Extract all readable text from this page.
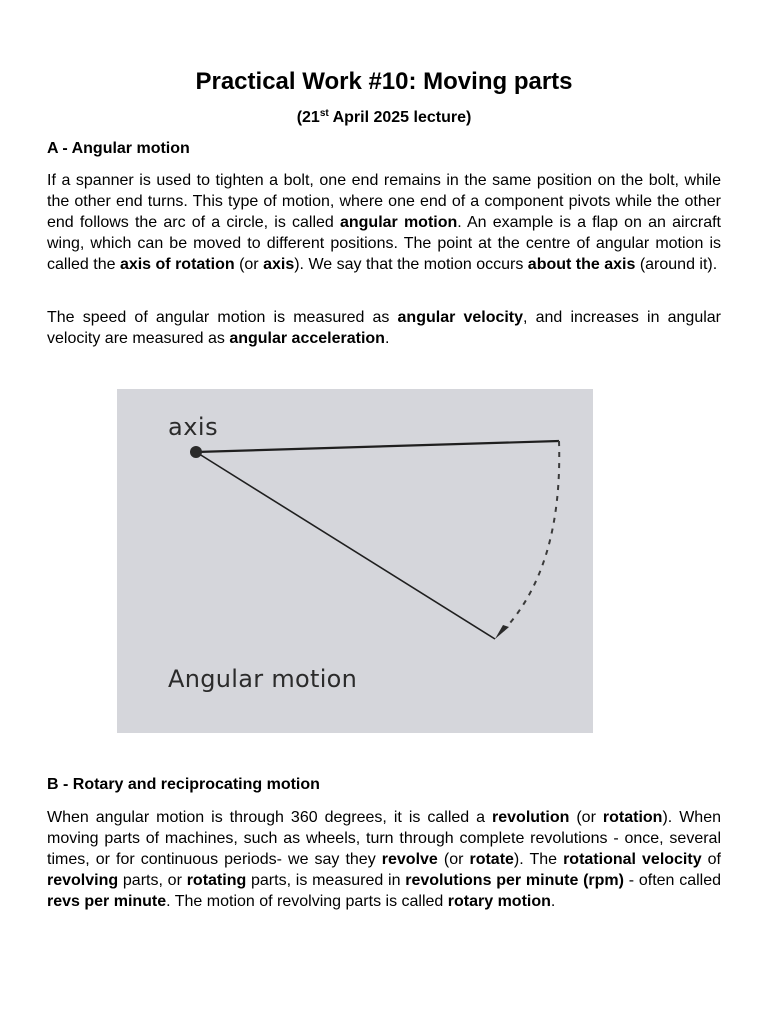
Practical Work #10: Moving parts
(21st April 2025 lecture)
A - Angular motion

If a spanner is used to tighten a bolt, one end remains in the same position on the bolt, while the other end turns. This type of motion, where one end of a component pivots while the other end follows the arc of a circle, is called angular motion. An example is a flap on an aircraft wing, which can be moved to different positions. The point at the centre of angular motion is called the axis of rotation (or axis). We say that the motion occurs about the axis (around it).

The speed of angular motion is measured as angular velocity, and increases in angular velocity are measured as angular acceleration.

axis
Angular motion
B - Rotary and reciprocating motion

When angular motion is through 360 degrees, it is called a revolution (or rotation). When moving parts of machines, such as wheels, turn through complete revolutions - once, several times, or for continuous periods- we say they revolve (or rotate). The rotational velocity of revolving parts, or rotating parts, is measured in revolutions per minute (rpm) - often called revs per minute. The motion of revolving parts is called rotary motion.
